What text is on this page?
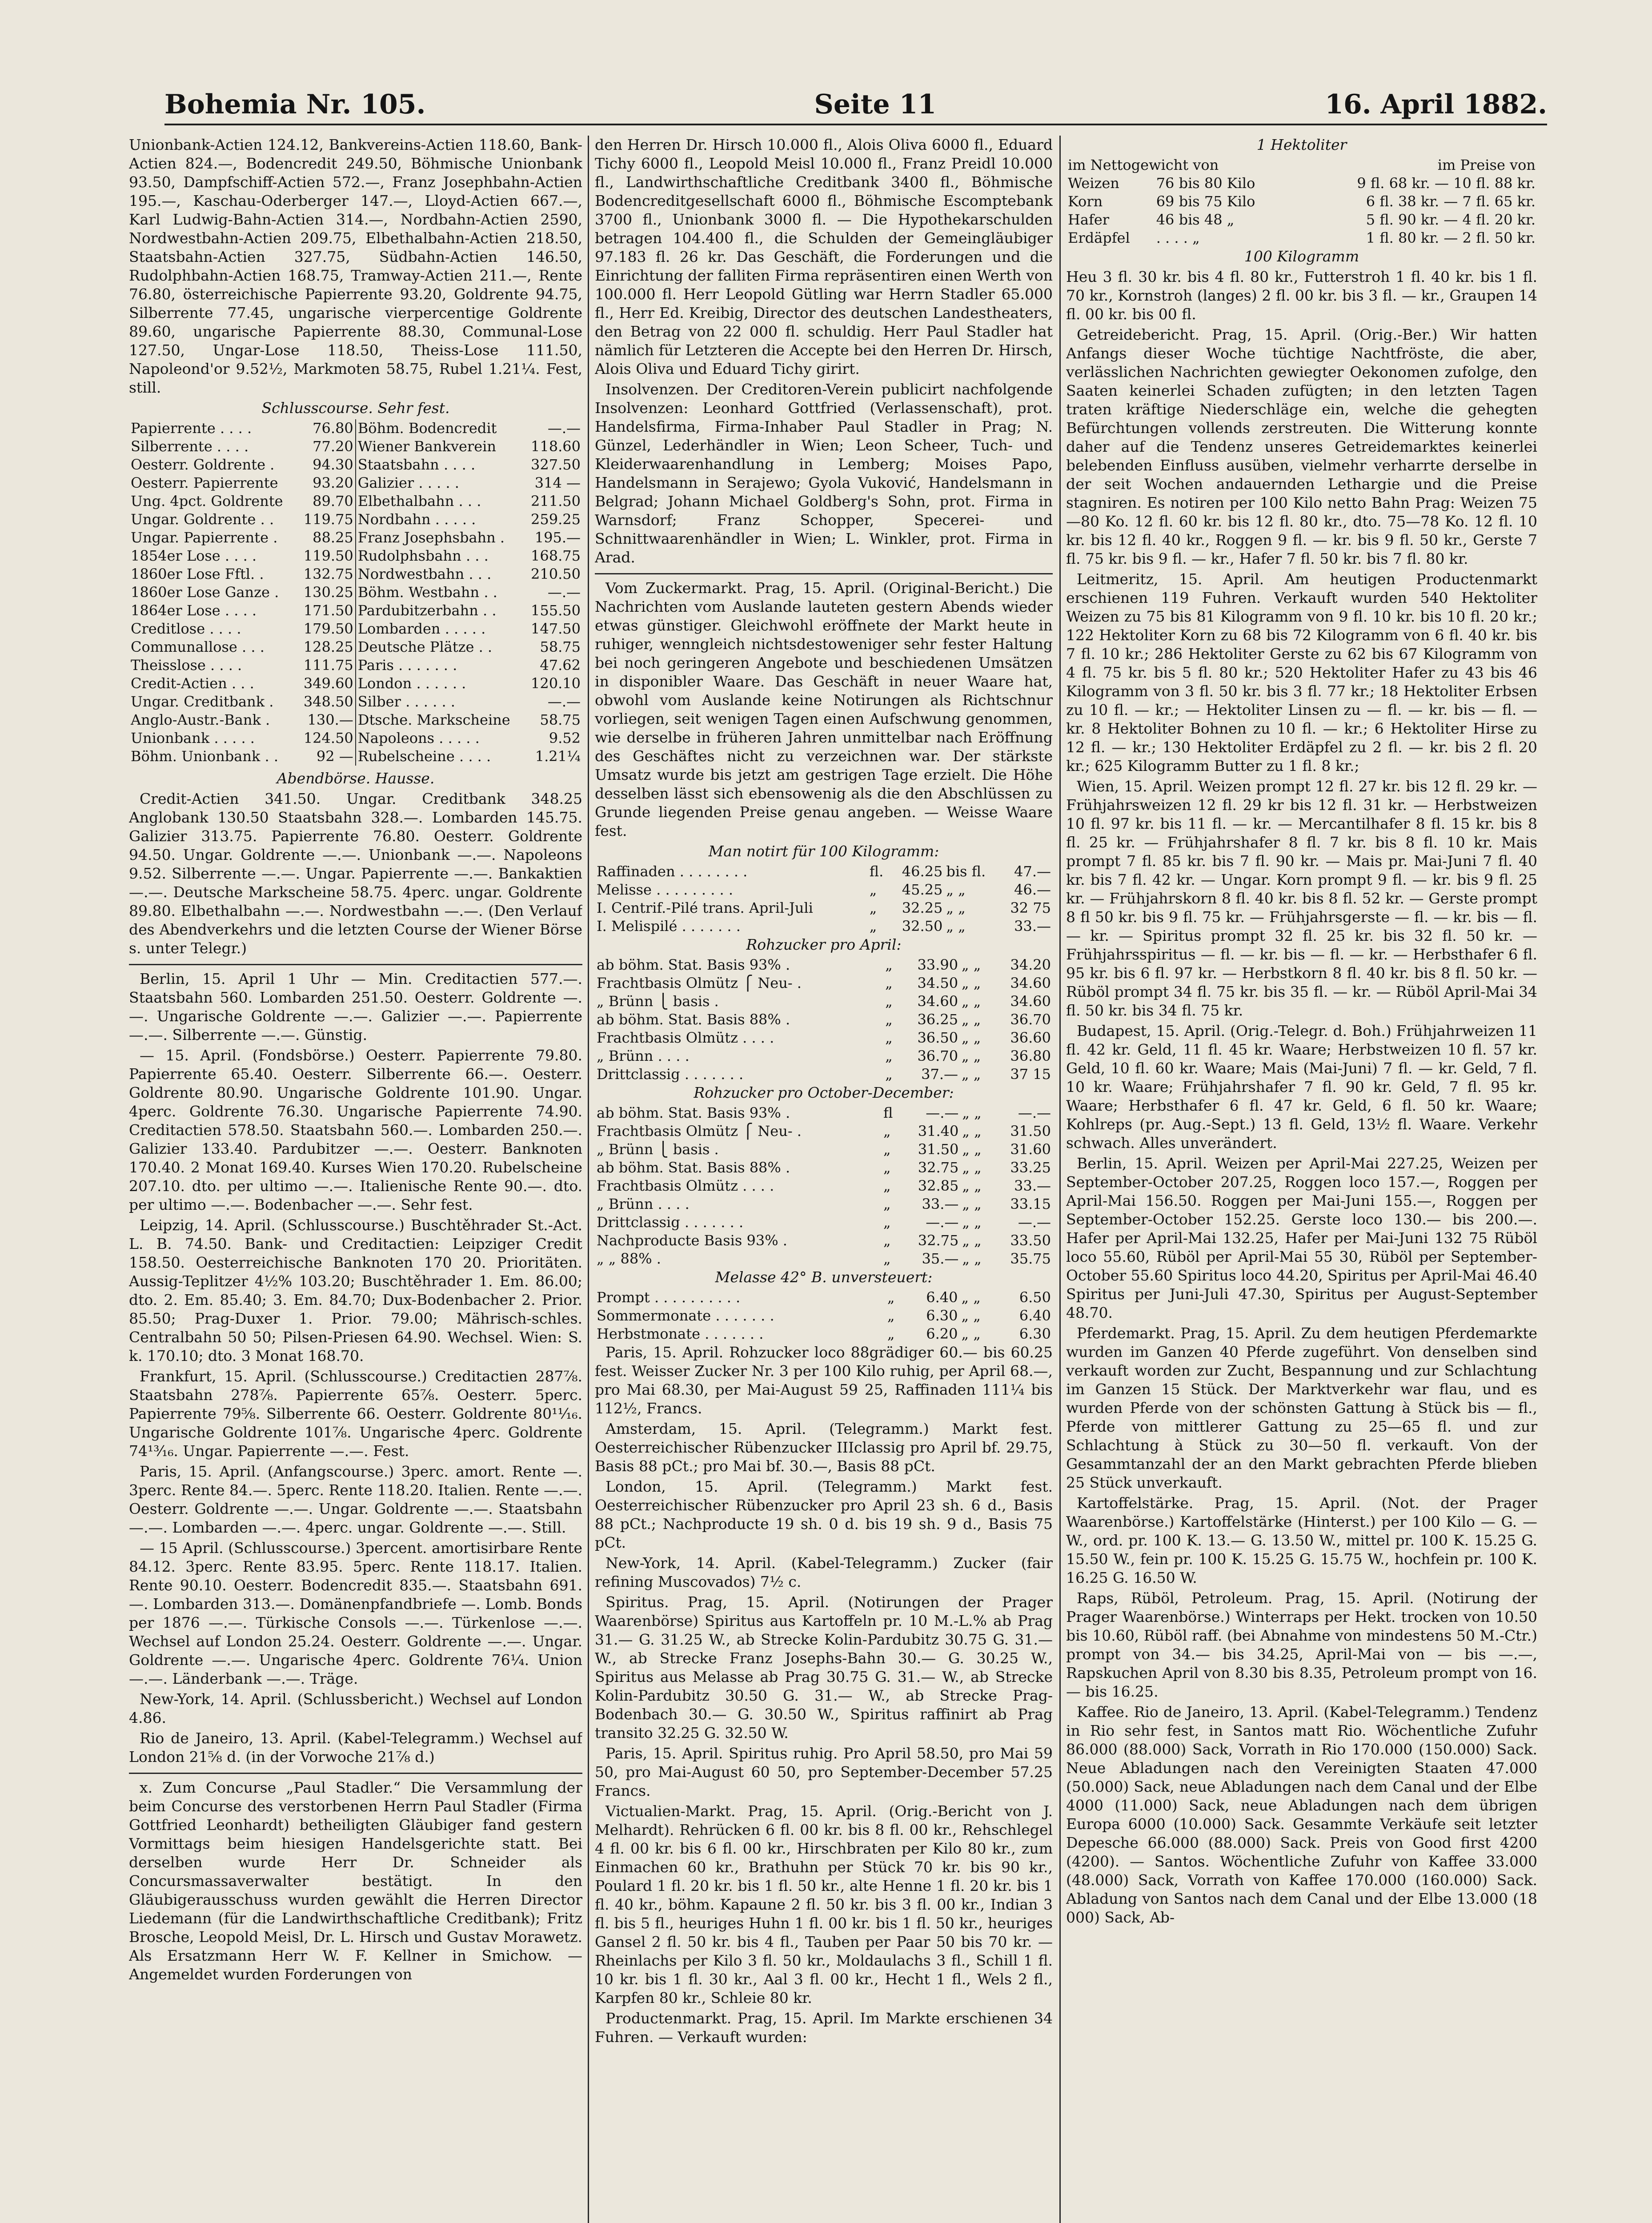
Bohemia Nr. 105.	Seite 11	16. April 1882.

Unionbank-Actien 124.12, Bankvereins-Actien 118.60, Bank-Actien 824.—, Bodencredit 249.50, Böhmische Unionbank 93.50, Dampfschiff-Actien 572.—, Franz Josephbahn-Actien 195.—, Kaschau-Oderberger 147.—, Lloyd-Actien 667.—, Karl Ludwig-Bahn-Actien 314.—, Nordbahn-Actien 2590, Nordwestbahn-Actien 209.75, Elbethalbahn-Actien 218.50, Staatsbahn-Actien 327.75, Südbahn-Actien 146.50, Rudolphbahn-Actien 168.75, Tramway-Actien 211.—, Rente 76.80, österreichische Papierrente 93.20, Goldrente 94.75, Silberrente 77.45, ungarische vierpercentige Goldrente 89.60, ungarische Papierrente 88.30, Communal-Lose 127.50, Ungar-Lose 118.50, Theiss-Lose 111.50, Napoleond'or 9.52½, Markmoten 58.75, Rubel 1.21¼. Fest, still.

Schlusscourse. Sehr fest.

Papierrente . . . .	76.80	Böhm. Bodencredit	—.—
Silberrente . . . .	77.20	Wiener Bankverein	118.60
Oesterr. Goldrente .	94.30	Staatsbahn . . . .	327.50
Oesterr. Papierrente	93.20	Galizier . . . . .	314 —
Ung. 4pct. Goldrente	89.70	Elbethalbahn . . .	211.50
Ungar. Goldrente . .	119.75	Nordbahn . . . . .	259.25
Ungar. Papierrente .	88.25	Franz Josephsbahn .	195.—
1854er Lose . . . .	119.50	Rudolphsbahn . . .	168.75
1860er Lose Fftl. .	132.75	Nordwestbahn . . .	210.50
1860er Lose Ganze .	130.25	Böhm. Westbahn . .	—.—
1864er Lose . . . .	171.50	Pardubitzerbahn . .	155.50
Creditlose . . . .	179.50	Lombarden . . . . .	147.50
Communallose . . .	128.25	Deutsche Plätze . .	58.75
Theisslose . . . .	111.75	Paris . . . . . . .	47.62
Credit-Actien . . .	349.60	London . . . . . .	120.10
Ungar. Creditbank .	348.50	Silber . . . . . .	—.—
Anglo-Austr.-Bank .	130.—	Dtsche. Markscheine	58.75
Unionbank . . . . .	124.50	Napoleons . . . . .	9.52
Böhm. Unionbank . .	92 —	Rubelscheine . . . .	1.21¼

Abendbörse. Hausse.

Credit-Actien 341.50. Ungar. Creditbank 348.25 Anglobank 130.50 Staatsbahn 328.—. Lombarden 145.75. Galizier 313.75. Papierrente 76.80. Oesterr. Goldrente 94.50. Ungar. Goldrente —.—. Unionbank —.—. Napoleons 9.52. Silberrente —.—. Ungar. Papierrente —.—. Bankaktien —.—. Deutsche Markscheine 58.75. 4perc. ungar. Goldrente 89.80. Elbethalbahn —.—. Nordwestbahn —.—. (Den Verlauf des Abendverkehrs und die letzten Course der Wiener Börse s. unter Telegr.)

Berlin, 15. April 1 Uhr — Min. Creditactien 577.—. Staatsbahn 560. Lombarden 251.50. Oesterr. Goldrente —.—. Ungarische Goldrente —.—. Galizier —.—. Papierrente —.—. Silberrente —.—. Günstig.

— 15. April. (Fondsbörse.) Oesterr. Papierrente 79.80. Papierrente 65.40. Oesterr. Silberrente 66.—. Oesterr. Goldrente 80.90. Ungarische Goldrente 101.90. Ungar. 4perc. Goldrente 76.30. Ungarische Papierrente 74.90. Creditactien 578.50. Staatsbahn 560.—. Lombarden 250.—. Galizier 133.40. Pardubitzer —.—. Oesterr. Banknoten 170.40. 2 Monat 169.40. Kurses Wien 170.20. Rubelscheine 207.10. dto. per ultimo —.—. Italienische Rente 90.—. dto. per ultimo —.—. Bodenbacher —.—. Sehr fest.

Leipzig, 14. April. (Schlusscourse.) Buschtěhrader St.-Act. L. B. 74.50. Bank- und Creditactien: Leipziger Credit 158.50. Oesterreichische Banknoten 170 20. Prioritäten. Aussig-Teplitzer 4½% 103.20; Buschtěhrader 1. Em. 86.00; dto. 2. Em. 85.40; 3. Em. 84.70; Dux-Bodenbacher 2. Prior. 85.50; Prag-Duxer 1. Prior. 79.00; Mährisch-schles. Centralbahn 50 50; Pilsen-Priesen 64.90. Wechsel. Wien: S. k. 170.10; dto. 3 Monat 168.70.

Frankfurt, 15. April. (Schlusscourse.) Creditactien 287⅞. Staatsbahn 278⅞. Papierrente 65⅞. Oesterr. 5perc. Papierrente 79⅝. Silberrente 66. Oesterr. Goldrente 80¹¹⁄₁₆. Ungarische Goldrente 101⅞. Ungarische 4perc. Goldrente 74¹³⁄₁₆. Ungar. Papierrente —.—. Fest.

Paris, 15. April. (Anfangscourse.) 3perc. amort. Rente —. 3perc. Rente 84.—. 5perc. Rente 118.20. Italien. Rente —.—. Oesterr. Goldrente —.—. Ungar. Goldrente —.—. Staatsbahn —.—. Lombarden —.—. 4perc. ungar. Goldrente —.—. Still.

— 15 April. (Schlusscourse.) 3percent. amortisirbare Rente 84.12. 3perc. Rente 83.95. 5perc. Rente 118.17. Italien. Rente 90.10. Oesterr. Bodencredit 835.—. Staatsbahn 691.—. Lombarden 313.—. Domänenpfandbriefe —. Lomb. Bonds per 1876 —.—. Türkische Consols —.—. Türkenlose —.—. Wechsel auf London 25.24. Oesterr. Goldrente —.—. Ungar. Goldrente —.—. Ungarische 4perc. Goldrente 76¼. Union —.—. Länderbank —.—. Träge.

New-York, 14. April. (Schlussbericht.) Wechsel auf London 4.86.

Rio de Janeiro, 13. April. (Kabel-Telegramm.) Wechsel auf London 21⅝ d. (in der Vorwoche 21⅞ d.)

x. Zum Concurse „Paul Stadler.“ Die Versammlung der beim Concurse des verstorbenen Herrn Paul Stadler (Firma Gottfried Leonhardt) betheiligten Gläubiger fand gestern Vormittags beim hiesigen Handelsgerichte statt. Bei derselben wurde Herr Dr. Schneider als Concursmassaverwalter bestätigt. In den Gläubigerausschuss wurden gewählt die Herren Director Liedemann (für die Landwirthschaftliche Creditbank); Fritz Brosche, Leopold Meisl, Dr. L. Hirsch und Gustav Morawetz. Als Ersatzmann Herr W. F. Kellner in Smichow. — Angemeldet wurden Forderungen von

den Herren Dr. Hirsch 10.000 fl., Alois Oliva 6000 fl., Eduard Tichy 6000 fl., Leopold Meisl 10.000 fl., Franz Preidl 10.000 fl., Landwirthschaftliche Creditbank 3400 fl., Böhmische Bodencreditgesellschaft 6000 fl., Böhmische Escomptebank 3700 fl., Unionbank 3000 fl. — Die Hypothekarschulden betragen 104.400 fl., die Schulden der Gemeingläubiger 97.183 fl. 26 kr. Das Geschäft, die Forderungen und die Einrichtung der falliten Firma repräsentiren einen Werth von 100.000 fl. Herr Leopold Gütling war Herrn Stadler 65.000 fl., Herr Ed. Kreibig, Director des deutschen Landestheaters, den Betrag von 22 000 fl. schuldig. Herr Paul Stadler hat nämlich für Letzteren die Accepte bei den Herren Dr. Hirsch, Alois Oliva und Eduard Tichy girirt.

Insolvenzen. Der Creditoren-Verein publicirt nachfolgende Insolvenzen: Leonhard Gottfried (Verlassenschaft), prot. Handelsfirma, Firma-Inhaber Paul Stadler in Prag; N. Günzel, Lederhändler in Wien; Leon Scheer, Tuch- und Kleiderwaarenhandlung in Lemberg; Moises Papo, Handelsmann in Serajewo; Gyola Vuković, Handelsmann in Belgrad; Johann Michael Goldberg's Sohn, prot. Firma in Warnsdorf; Franz Schopper, Specerei- und Schnittwaarenhändler in Wien; L. Winkler, prot. Firma in Arad.

Vom Zuckermarkt. Prag, 15. April. (Original-Bericht.) Die Nachrichten vom Auslande lauteten gestern Abends wieder etwas günstiger. Gleichwohl eröffnete der Markt heute in ruhiger, wenngleich nichtsdestoweniger sehr fester Haltung bei noch geringeren Angebote und beschiedenen Umsätzen in disponibler Waare. Das Geschäft in neuer Waare hat, obwohl vom Auslande keine Notirungen als Richtschnur vorliegen, seit wenigen Tagen einen Aufschwung genommen, wie derselbe in früheren Jahren unmittelbar nach Eröffnung des Geschäftes nicht zu verzeichnen war. Der stärkste Umsatz wurde bis jetzt am gestrigen Tage erzielt. Die Höhe desselben lässt sich ebensowenig als die den Abschlüssen zu Grunde liegenden Preise genau angeben. — Weisse Waare fest.

Man notirt für 100 Kilogramm:

Raffinaden . . . . . . . .	fl.	46.25	bis fl.	47.—
Melisse . . . . . . . . .	„	45.25	„ „	46.—
I. Centrif.-Pilé trans. April-Juli	„	32.25	„ „	32 75
I. Melispilé . . . . . . .	„	32.50	„ „	33.—

Rohzucker pro April:

ab böhm. Stat. Basis 93% .	„	33.90	„ „	34.20
Frachtbasis Olmütz ⎧ Neu- .	„	34.50	„ „	34.60
„ Brünn ⎩ basis .	„	34.60	„ „	34.60
ab böhm. Stat. Basis 88% .	„	36.25	„ „	36.70
Frachtbasis Olmütz . . . .	„	36.50	„ „	36.60
„ Brünn . . . .	„	36.70	„ „	36.80
Drittclassig . . . . . . .	„	37.—	„ „	37 15

Rohzucker pro October-December:

ab böhm. Stat. Basis 93% .	fl	—.—	„ „	—.—
Frachtbasis Olmütz ⎧ Neu- .	„	31.40	„ „	31.50
„ Brünn ⎩ basis .	„	31.50	„ „	31.60
ab böhm. Stat. Basis 88% .	„	32.75	„ „	33.25
Frachtbasis Olmütz . . . .	„	32.85	„ „	33.—
„ Brünn . . . .	„	33.—	„ „	33.15
Drittclassig . . . . . . .	„	—.—	„ „	—.—
Nachproducte Basis 93% .	„	32.75	„ „	33.50
„ „ 88% .	„	35.—	„ „	35.75

Melasse 42° B. unversteuert:

Prompt . . . . . . . . . .	„	6.40	„ „	6.50
Sommermonate . . . . . . .	„	6.30	„ „	6.40
Herbstmonate . . . . . . .	„	6.20	„ „	6.30

Paris, 15. April. Rohzucker loco 88grädiger 60.— bis 60.25 fest. Weisser Zucker Nr. 3 per 100 Kilo ruhig, per April 68.—, pro Mai 68.30, per Mai-August 59 25, Raffinaden 111¼ bis 112½, Francs.

Amsterdam, 15. April. (Telegramm.) Markt fest. Oesterreichischer Rübenzucker IIIclassig pro April bf. 29.75, Basis 88 pCt.; pro Mai bf. 30.—, Basis 88 pCt.

London, 15. April. (Telegramm.) Markt fest. Oesterreichischer Rübenzucker pro April 23 sh. 6 d., Basis 88 pCt.; Nachproducte 19 sh. 0 d. bis 19 sh. 9 d., Basis 75 pCt.

New-York, 14. April. (Kabel-Telegramm.) Zucker (fair refining Muscovados) 7½ c.

Spiritus. Prag, 15. April. (Notirungen der Prager Waarenbörse) Spiritus aus Kartoffeln pr. 10 M.-L.% ab Prag 31.— G. 31.25 W., ab Strecke Kolin-Pardubitz 30.75 G. 31.— W., ab Strecke Franz Josephs-Bahn 30.— G. 30.25 W., Spiritus aus Melasse ab Prag 30.75 G. 31.— W., ab Strecke Kolin-Pardubitz 30.50 G. 31.— W., ab Strecke Prag-Bodenbach 30.— G. 30.50 W., Spiritus raffinirt ab Prag transito 32.25 G. 32.50 W.

Paris, 15. April. Spiritus ruhig. Pro April 58.50, pro Mai 59 50, pro Mai-August 60 50, pro September-December 57.25 Francs.

Victualien-Markt. Prag, 15. April. (Orig.-Bericht von J. Melhardt). Rehrücken 6 fl. 00 kr. bis 8 fl. 00 kr., Rehschlegel 4 fl. 00 kr. bis 6 fl. 00 kr., Hirschbraten per Kilo 80 kr., zum Einmachen 60 kr., Brathuhn per Stück 70 kr. bis 90 kr., Poulard 1 fl. 20 kr. bis 1 fl. 50 kr., alte Henne 1 fl. 20 kr. bis 1 fl. 40 kr., böhm. Kapaune 2 fl. 50 kr. bis 3 fl. 00 kr., Indian 3 fl. bis 5 fl., heuriges Huhn 1 fl. 00 kr. bis 1 fl. 50 kr., heuriges Gansel 2 fl. 50 kr. bis 4 fl., Tauben per Paar 50 bis 70 kr. — Rheinlachs per Kilo 3 fl. 50 kr., Moldaulachs 3 fl., Schill 1 fl. 10 kr. bis 1 fl. 30 kr., Aal 3 fl. 00 kr., Hecht 1 fl., Wels 2 fl., Karpfen 80 kr., Schleie 80 kr.

Productenmarkt. Prag, 15. April. Im Markte erschienen 34 Fuhren. — Verkauft wurden:

1 Hektoliter

im Nettogewicht von		im Preise von
Weizen	76 bis 80 Kilo	9 fl. 68 kr. — 10 fl. 88 kr.
Korn	69 bis 75 Kilo	6 fl. 38 kr. — 7 fl. 65 kr.
Hafer	46 bis 48 „	5 fl. 90 kr. — 4 fl. 20 kr.
Erdäpfel	. . . . „	1 fl. 80 kr. — 2 fl. 50 kr.

100 Kilogramm

Heu 3 fl. 30 kr. bis 4 fl. 80 kr., Futterstroh 1 fl. 40 kr. bis 1 fl. 70 kr., Kornstroh (langes) 2 fl. 00 kr. bis 3 fl. — kr., Graupen 14 fl. 00 kr. bis 00 fl.

Getreidebericht. Prag, 15. April. (Orig.-Ber.) Wir hatten Anfangs dieser Woche tüchtige Nachtfröste, die aber, verlässlichen Nachrichten gewiegter Oekonomen zufolge, den Saaten keinerlei Schaden zufügten; in den letzten Tagen traten kräftige Niederschläge ein, welche die gehegten Befürchtungen vollends zerstreuten. Die Witterung konnte daher auf die Tendenz unseres Getreidemarktes keinerlei belebenden Einfluss ausüben, vielmehr verharrte derselbe in der seit Wochen andauernden Lethargie und die Preise stagniren. Es notiren per 100 Kilo netto Bahn Prag: Weizen 75—80 Ko. 12 fl. 60 kr. bis 12 fl. 80 kr., dto. 75—78 Ko. 12 fl. 10 kr. bis 12 fl. 40 kr., Roggen 9 fl. — kr. bis 9 fl. 50 kr., Gerste 7 fl. 75 kr. bis 9 fl. — kr., Hafer 7 fl. 50 kr. bis 7 fl. 80 kr.

Leitmeritz, 15. April. Am heutigen Productenmarkt erschienen 119 Fuhren. Verkauft wurden 540 Hektoliter Weizen zu 75 bis 81 Kilogramm von 9 fl. 10 kr. bis 10 fl. 20 kr.; 122 Hektoliter Korn zu 68 bis 72 Kilogramm von 6 fl. 40 kr. bis 7 fl. 10 kr.; 286 Hektoliter Gerste zu 62 bis 67 Kilogramm von 4 fl. 75 kr. bis 5 fl. 80 kr.; 520 Hektoliter Hafer zu 43 bis 46 Kilogramm von 3 fl. 50 kr. bis 3 fl. 77 kr.; 18 Hektoliter Erbsen zu 10 fl. — kr.; — Hektoliter Linsen zu — fl. — kr. bis — fl. — kr. 8 Hektoliter Bohnen zu 10 fl. — kr.; 6 Hektoliter Hirse zu 12 fl. — kr.; 130 Hektoliter Erdäpfel zu 2 fl. — kr. bis 2 fl. 20 kr.; 625 Kilogramm Butter zu 1 fl. 8 kr.;

Wien, 15. April. Weizen prompt 12 fl. 27 kr. bis 12 fl. 29 kr. — Frühjahrsweizen 12 fl. 29 kr bis 12 fl. 31 kr. — Herbstweizen 10 fl. 97 kr. bis 11 fl. — kr. — Mercantilhafer 8 fl. 15 kr. bis 8 fl. 25 kr. — Frühjahrshafer 8 fl. 7 kr. bis 8 fl. 10 kr. Mais prompt 7 fl. 85 kr. bis 7 fl. 90 kr. — Mais pr. Mai-Juni 7 fl. 40 kr. bis 7 fl. 42 kr. — Ungar. Korn prompt 9 fl. — kr. bis 9 fl. 25 kr. — Frühjahrskorn 8 fl. 40 kr. bis 8 fl. 52 kr. — Gerste prompt 8 fl 50 kr. bis 9 fl. 75 kr. — Frühjahrsgerste — fl. — kr. bis — fl. — kr. — Spiritus prompt 32 fl. 25 kr. bis 32 fl. 50 kr. — Frühjahrsspiritus — fl. — kr. bis — fl. — kr. — Herbsthafer 6 fl. 95 kr. bis 6 fl. 97 kr. — Herbstkorn 8 fl. 40 kr. bis 8 fl. 50 kr. — Rüböl prompt 34 fl. 75 kr. bis 35 fl. — kr. — Rüböl April-Mai 34 fl. 50 kr. bis 34 fl. 75 kr.

Budapest, 15. April. (Orig.-Telegr. d. Boh.) Frühjahrweizen 11 fl. 42 kr. Geld, 11 fl. 45 kr. Waare; Herbstweizen 10 fl. 57 kr. Geld, 10 fl. 60 kr. Waare; Mais (Mai-Juni) 7 fl. — kr. Geld, 7 fl. 10 kr. Waare; Frühjahrshafer 7 fl. 90 kr. Geld, 7 fl. 95 kr. Waare; Herbsthafer 6 fl. 47 kr. Geld, 6 fl. 50 kr. Waare; Kohlreps (pr. Aug.-Sept.) 13 fl. Geld, 13½ fl. Waare. Verkehr schwach. Alles unverändert.

Berlin, 15. April. Weizen per April-Mai 227.25, Weizen per September-October 207.25, Roggen loco 157.—, Roggen per April-Mai 156.50. Roggen per Mai-Juni 155.—, Roggen per September-October 152.25. Gerste loco 130.— bis 200.—. Hafer per April-Mai 132.25, Hafer per Mai-Juni 132 75 Rüböl loco 55.60, Rüböl per April-Mai 55 30, Rüböl per September-October 55.60 Spiritus loco 44.20, Spiritus per April-Mai 46.40 Spiritus per Juni-Juli 47.30, Spiritus per August-September 48.70.

Pferdemarkt. Prag, 15. April. Zu dem heutigen Pferdemarkte wurden im Ganzen 40 Pferde zugeführt. Von denselben sind verkauft worden zur Zucht, Bespannung und zur Schlachtung im Ganzen 15 Stück. Der Marktverkehr war flau, und es wurden Pferde von der schönsten Gattung à Stück bis — fl., Pferde von mittlerer Gattung zu 25—65 fl. und zur Schlachtung à Stück zu 30—50 fl. verkauft. Von der Gesammtanzahl der an den Markt gebrachten Pferde blieben 25 Stück unverkauft.

Kartoffelstärke. Prag, 15. April. (Not. der Prager Waarenbörse.) Kartoffelstärke (Hinterst.) per 100 Kilo — G. — W., ord. pr. 100 K. 13.— G. 13.50 W., mittel pr. 100 K. 15.25 G. 15.50 W., fein pr. 100 K. 15.25 G. 15.75 W., hochfein pr. 100 K. 16.25 G. 16.50 W.

Raps, Rüböl, Petroleum. Prag, 15. April. (Notirung der Prager Waarenbörse.) Winterraps per Hekt. trocken von 10.50 bis 10.60, Rüböl raff. (bei Abnahme von mindestens 50 M.-Ctr.) prompt von 34.— bis 34.25, April-Mai von — bis —.—, Rapskuchen April von 8.30 bis 8.35, Petroleum prompt von 16.— bis 16.25.

Kaffee. Rio de Janeiro, 13. April. (Kabel-Telegramm.) Tendenz in Rio sehr fest, in Santos matt Rio. Wöchentliche Zufuhr 86.000 (88.000) Sack, Vorrath in Rio 170.000 (150.000) Sack. Neue Abladungen nach den Vereinigten Staaten 47.000 (50.000) Sack, neue Abladungen nach dem Canal und der Elbe 4000 (11.000) Sack, neue Abladungen nach dem übrigen Europa 6000 (10.000) Sack. Gesammte Verkäufe seit letzter Depesche 66.000 (88.000) Sack. Preis von Good first 4200 (4200). — Santos. Wöchentliche Zufuhr von Kaffee 33.000 (48.000) Sack, Vorrath von Kaffee 170.000 (160.000) Sack. Abladung von Santos nach dem Canal und der Elbe 13.000 (18 000) Sack, Ab-
